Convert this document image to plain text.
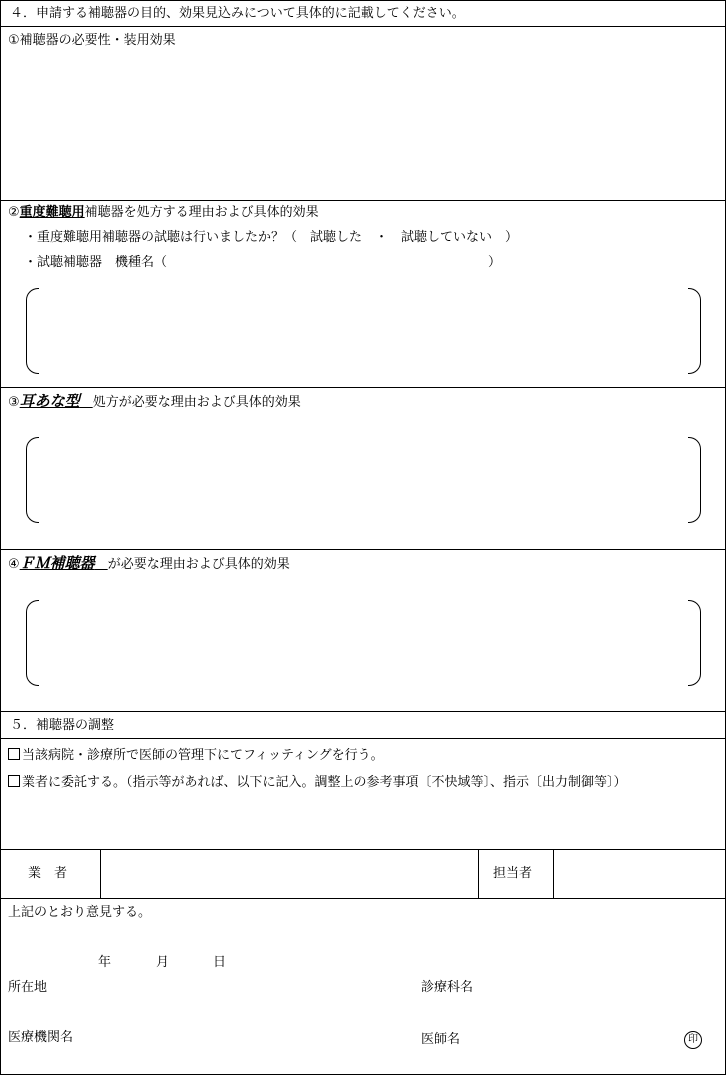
４．申請する補聴器の目的、効果見込みについて具体的に記載してください。
①補聴器の必要性・装用効果
②重度難聴用補聴器を処方する理由および具体的効果
・重度難聴用補聴器の試聴は行いましたか？（　試聴した　・　試聴していない　）
・試聴補聴器　機種名（	）
③耳あな型　 処方が必要な理由および具体的効果
④ＦＭ補聴器　 が必要な理由および具体的効果
５．補聴器の調整
当該病院・診療所で医師の管理下にてフィッティングを行う。
業者に委託する。（指示等があれば、以下に記入。調整上の参考事項〔不快域等〕、指示〔出力制御等〕）
業　者	担当者
上記のとおり意見する。
年	月	日
所在地	診療科名
医療機関名	医師名	印
